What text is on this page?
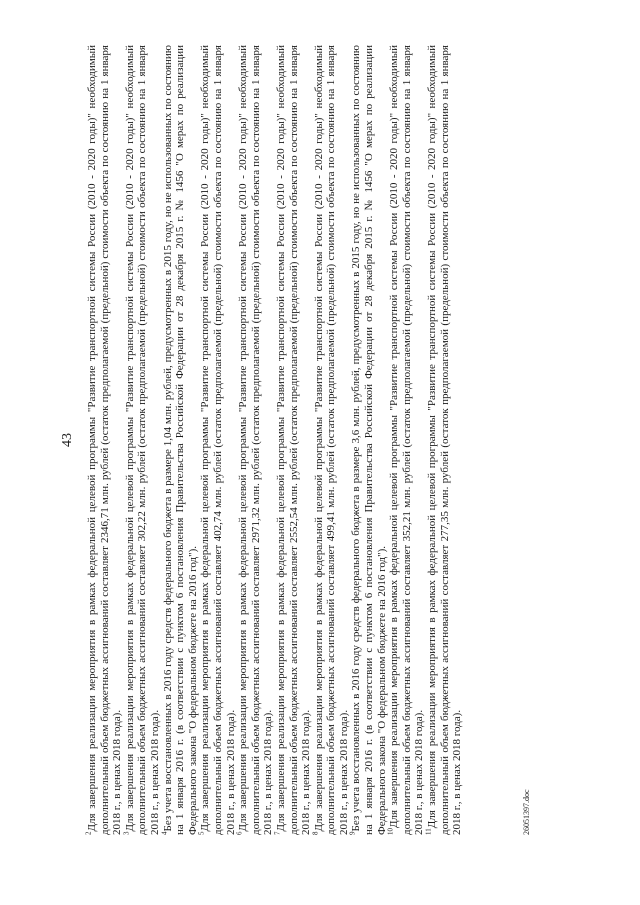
43

$^2$Для завершения реализации мероприятия в рамках федеральной целевой программы "Развитие транспортной системы России (2010 - 2020 годы)" необходимый дополнительный объем бюджетных ассигнований составляет 2346,71 млн. рублей (остаток предполагаемой (предельной) стоимости объекта по состоянию на 1 января 2018 г., в ценах 2018 года).

$^3$Для завершения реализации мероприятия в рамках федеральной целевой программы "Развитие транспортной системы России (2010 - 2020 годы)" необходимый дополнительный объем бюджетных ассигнований составляет 302,22 млн. рублей (остаток предполагаемой (предельной) стоимости объекта по состоянию на 1 января 2018 г., в ценах 2018 года).

$^4$Без учета восстановленных в 2016 году средств федерального бюджета в размере 1,04 млн. рублей, предусмотренных в 2015 году, но не использованных по состоянию на 1 января 2016 г. (в соответствии с пунктом 6 постановления Правительства Российской Федерации от 28 декабря 2015 г. № 1456 "О мерах по реализации Федерального закона "О федеральном бюджете на 2016 год").

$^5$Для завершения реализации мероприятия в рамках федеральной целевой программы "Развитие транспортной системы России (2010 - 2020 годы)" необходимый дополнительный объем бюджетных ассигнований составляет 402,74 млн. рублей (остаток предполагаемой (предельной) стоимости объекта по состоянию на 1 января 2018 г., в ценах 2018 года).

$^6$Для завершения реализации мероприятия в рамках федеральной целевой программы "Развитие транспортной системы России (2010 - 2020 годы)" необходимый дополнительный объем бюджетных ассигнований составляет 2971,32 млн. рублей (остаток предполагаемой (предельной) стоимости объекта по состоянию на 1 января 2018 г., в ценах 2018 года).

$^7$Для завершения реализации мероприятия в рамках федеральной целевой программы "Развитие транспортной системы России (2010 - 2020 годы)" необходимый дополнительный объем бюджетных ассигнований составляет 2552,54 млн. рублей (остаток предполагаемой (предельной) стоимости объекта по состоянию на 1 января 2018 г., в ценах 2018 года).

$^8$Для завершения реализации мероприятия в рамках федеральной целевой программы "Развитие транспортной системы России (2010 - 2020 годы)" необходимый дополнительный объем бюджетных ассигнований составляет 499,41 млн. рублей (остаток предполагаемой (предельной) стоимости объекта по состоянию на 1 января 2018 г., в ценах 2018 года).

$^9$Без учета восстановленных в 2016 году средств федерального бюджета в размере 3,6 млн. рублей, предусмотренных в 2015 году, но не использованных по состоянию на 1 января 2016 г. (в соответствии с пунктом 6 постановления Правительства Российской Федерации от 28 декабря 2015 г. № 1456 "О мерах по реализации Федерального закона "О федеральном бюджете на 2016 год").

$^{10}$Для завершения реализации мероприятия в рамках федеральной целевой программы "Развитие транспортной системы России (2010 - 2020 годы)" необходимый дополнительный объем бюджетных ассигнований составляет 352,21 млн. рублей (остаток предполагаемой (предельной) стоимости объекта по состоянию на 1 января 2018 г., в ценах 2018 года).

$^{11}$Для завершения реализации мероприятия в рамках федеральной целевой программы "Развитие транспортной системы России (2010 - 2020 годы)" необходимый дополнительный объем бюджетных ассигнований составляет 277,35 млн. рублей (остаток предполагаемой (предельной) стоимости объекта по состоянию на 1 января 2018 г., в ценах 2018 года).	26051397.doc
